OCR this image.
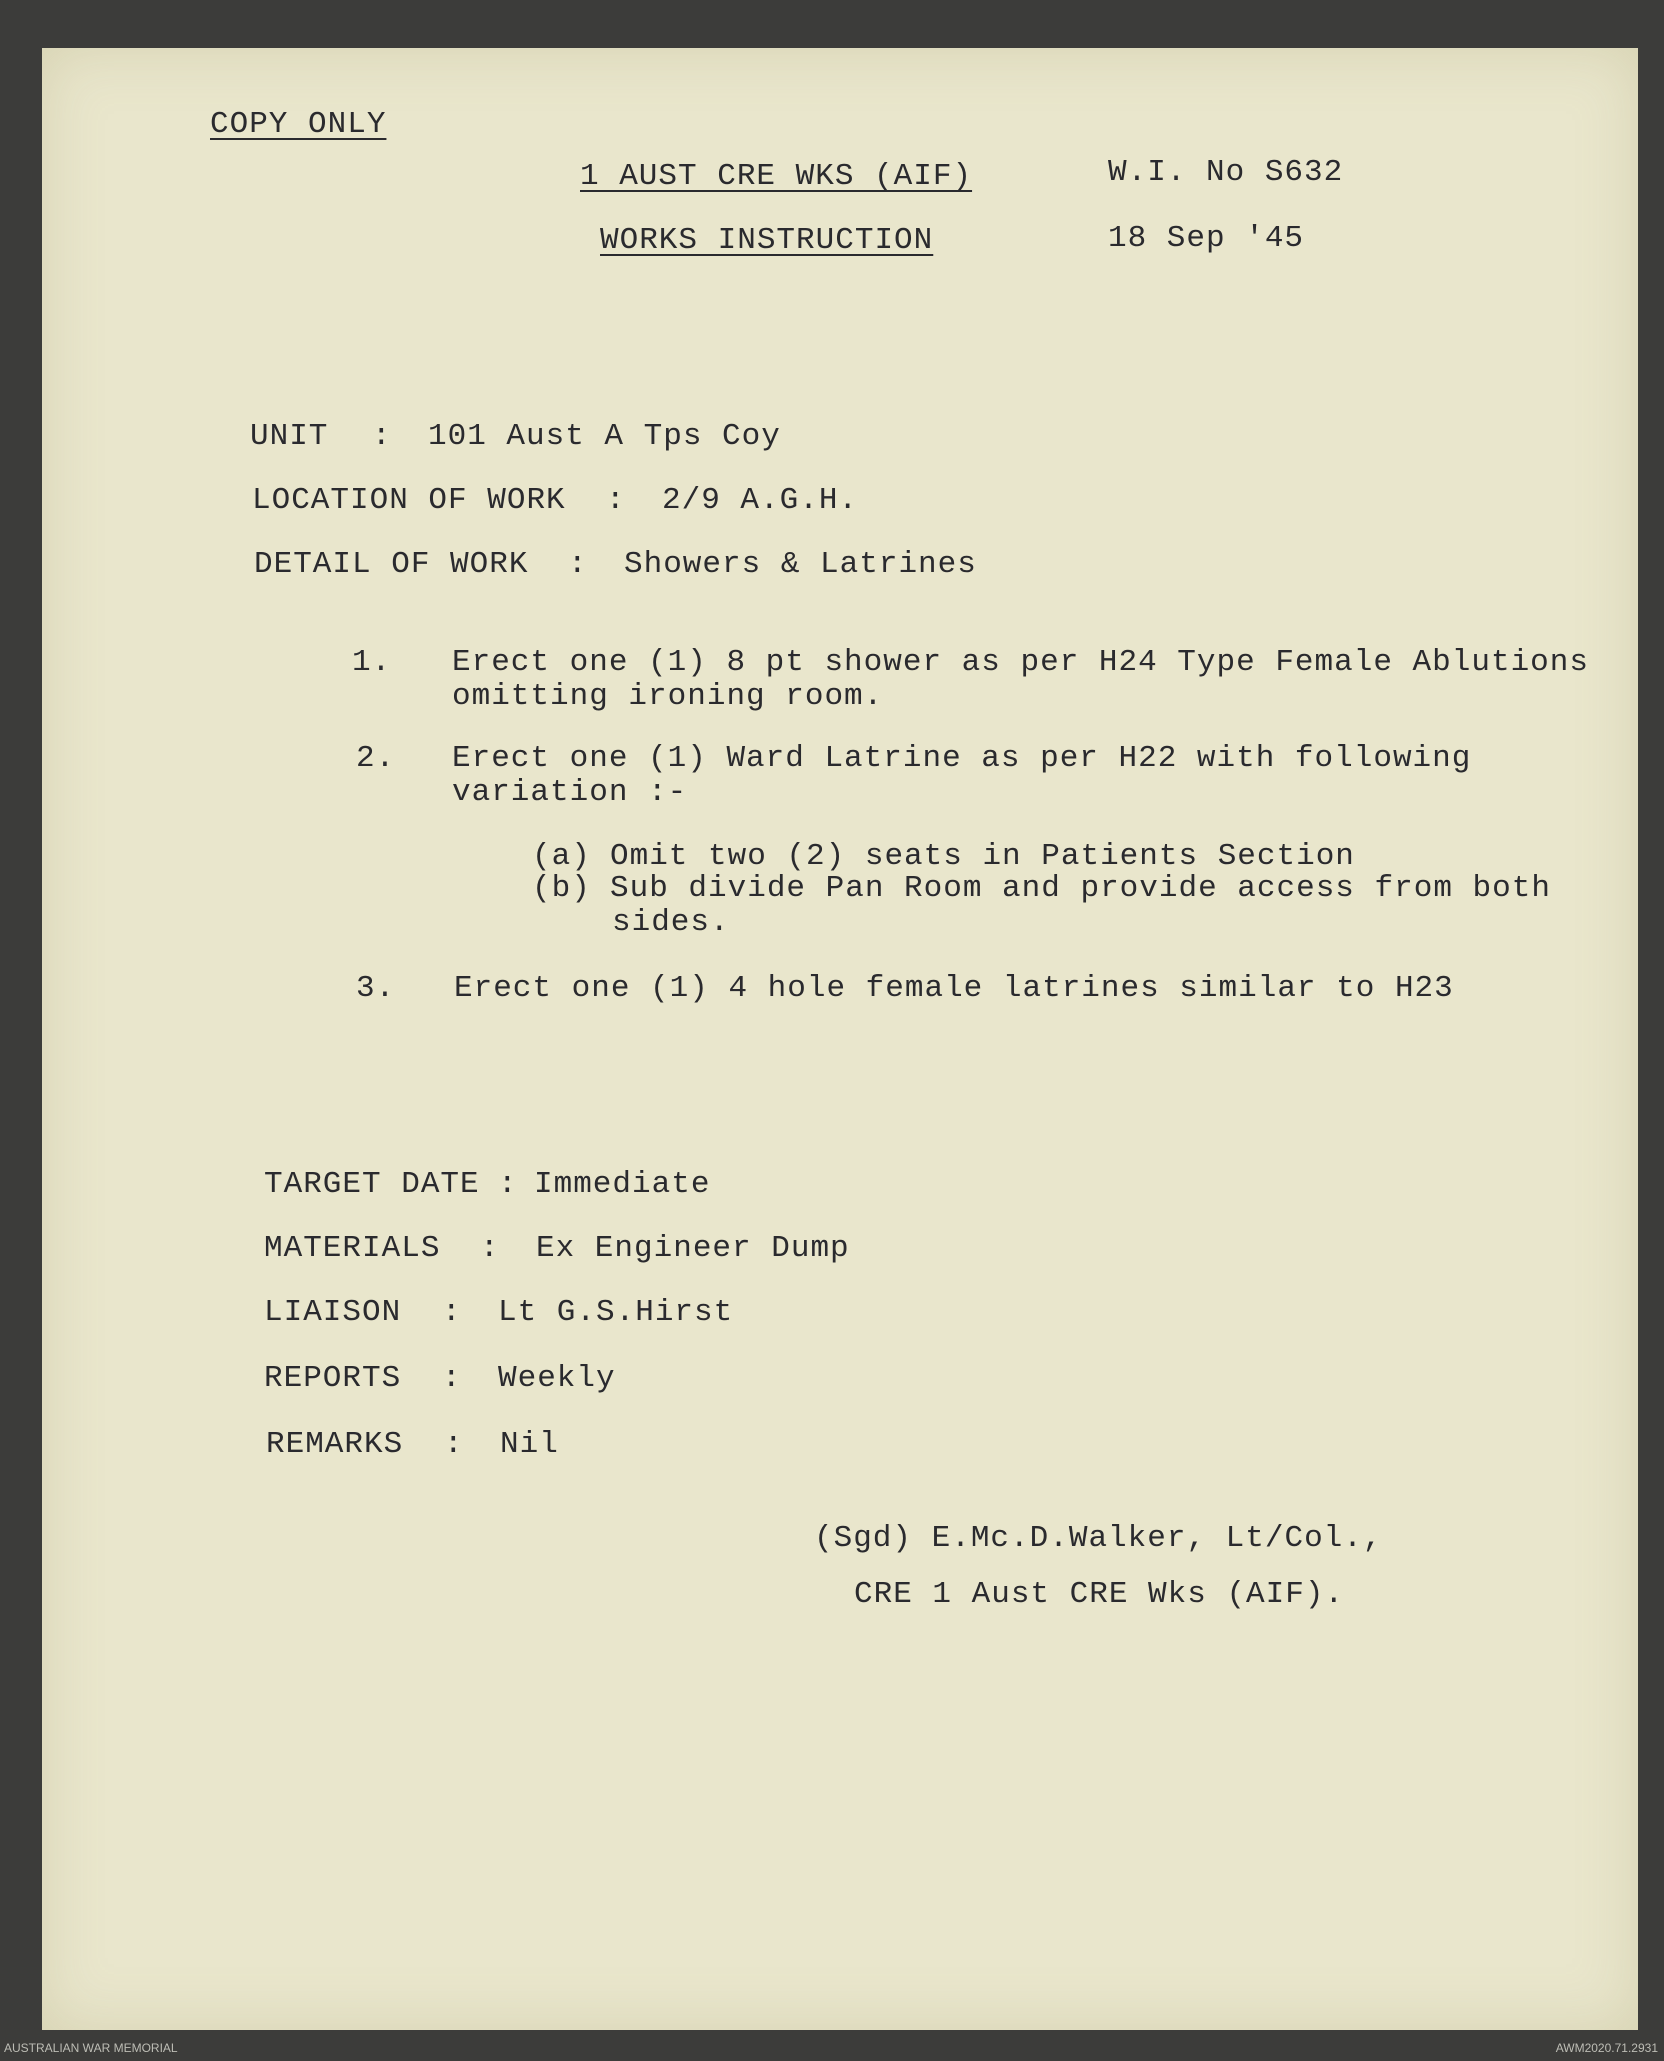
COPY ONLY
1 AUST CRE WKS (AIF)	W.I. No S632
WORKS INSTRUCTION	18 Sep '45
UNIT : 101 Aust A Tps Coy
LOCATION OF WORK : 2/9 A.G.H.
DETAIL OF WORK : Showers & Latrines
1. Erect one (1) 8 pt shower as per H24 Type Female Ablutions
omitting ironing room.
2. Erect one (1) Ward Latrine as per H22 with following
variation :-
(a) Omit two (2) seats in Patients Section
(b) Sub divide Pan Room and provide access from both
sides.
3. Erect one (1) 4 hole female latrines similar to H23
TARGET DATE : Immediate
MATERIALS : Ex Engineer Dump
LIAISON : Lt G.S.Hirst
REPORTS : Weekly
REMARKS : Nil
(Sgd) E.Mc.D.Walker, Lt/Col.,
CRE 1 Aust CRE Wks (AIF).
AUSTRALIAN WAR MEMORIAL	AWM2020.71.2931
